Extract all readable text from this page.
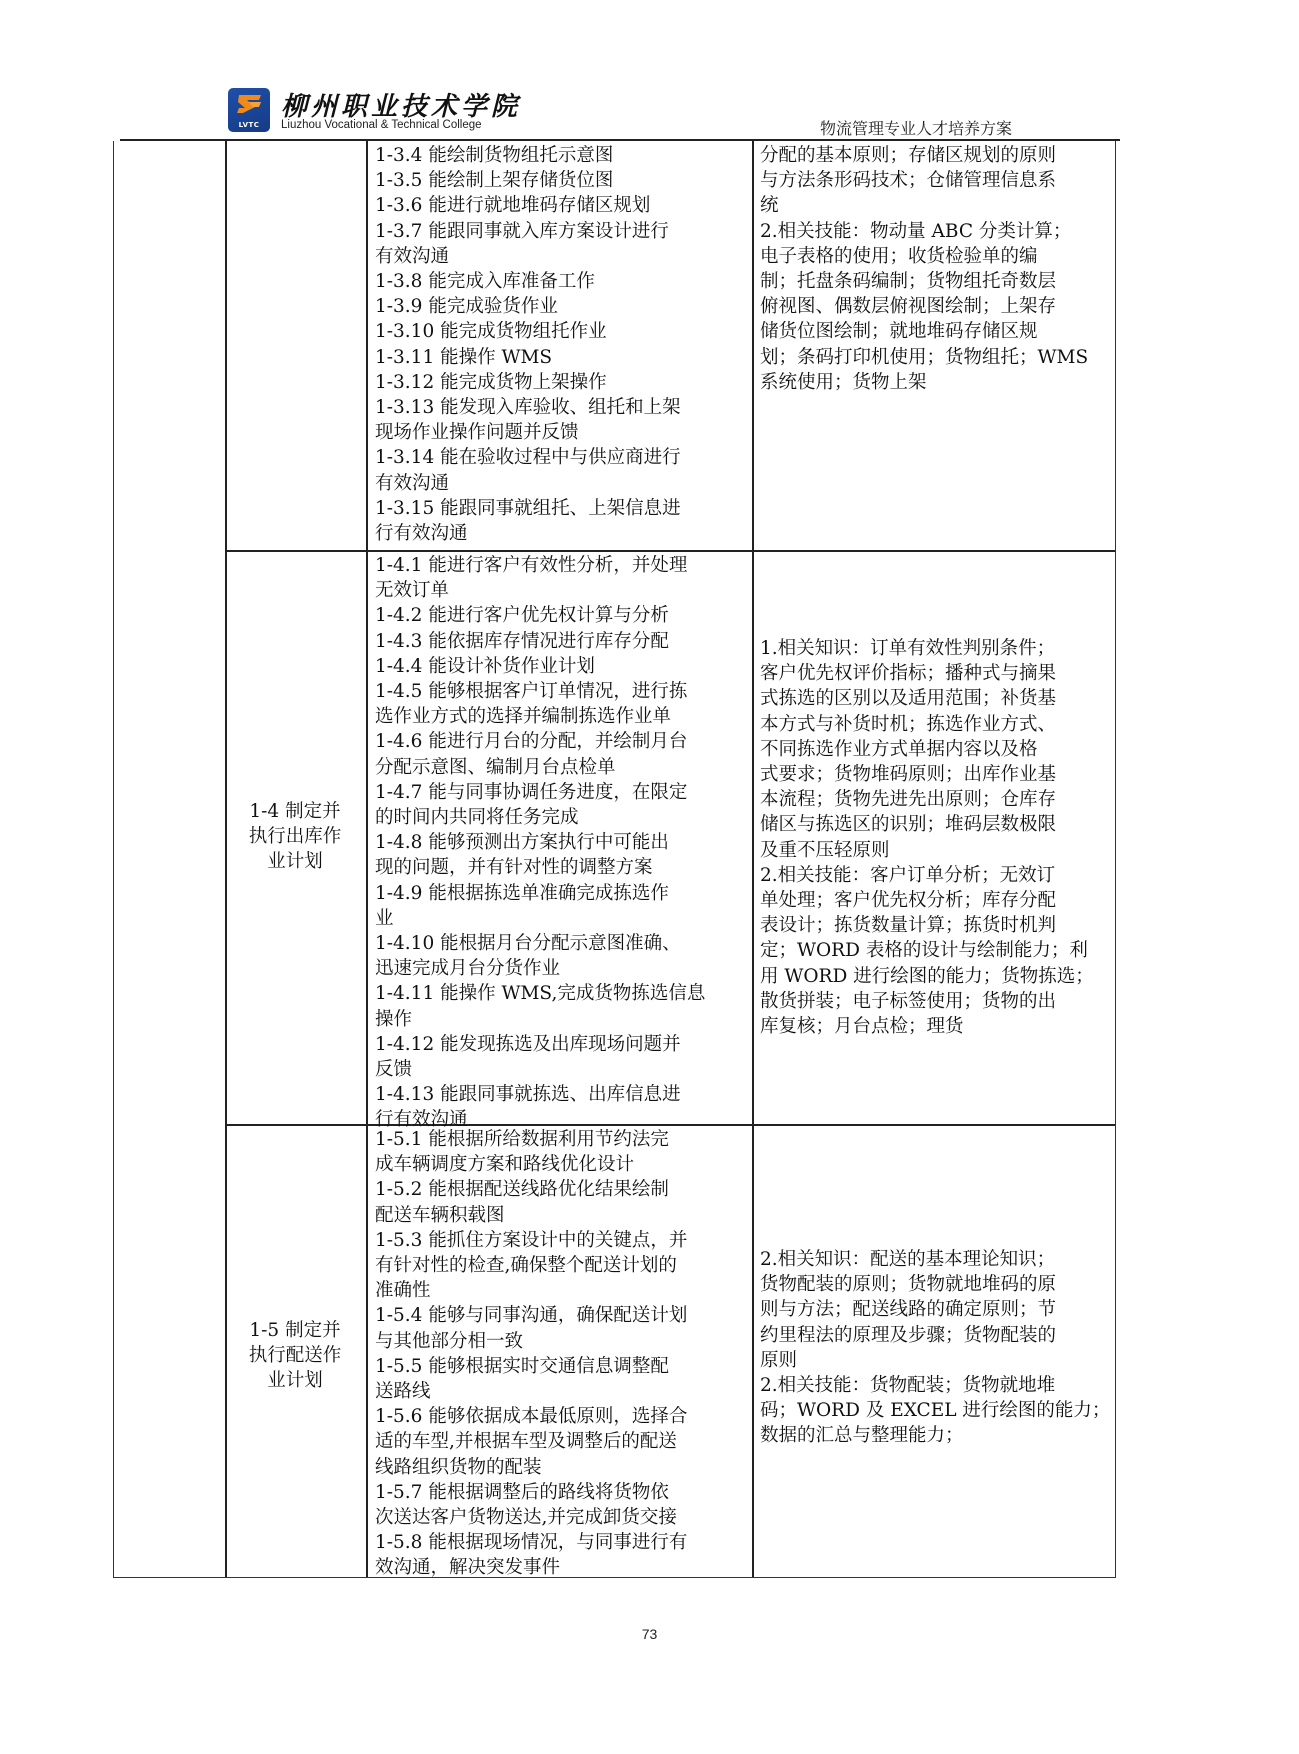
LVTC
柳州职业技术学院
Liuzhou Vocational & Technical College	物流管理专业人才培养方案
1-3.4 能绘制货物组托示意图
1-3.5 能绘制上架存储货位图
1-3.6 能进行就地堆码存储区规划
1-3.7 能跟同事就入库方案设计进行
有效沟通
1-3.8 能完成入库准备工作
1-3.9 能完成验货作业
1-3.10 能完成货物组托作业
1-3.11 能操作 WMS
1-3.12 能完成货物上架操作
1-3.13 能发现入库验收、组托和上架
现场作业操作问题并反馈
1-3.14 能在验收过程中与供应商进行
有效沟通
1-3.15 能跟同事就组托、上架信息进
行有效沟通
分配的基本原则；存储区规划的原则
与方法条形码技术；仓储管理信息系
统
2.相关技能：物动量 ABC 分类计算；
电子表格的使用；收货检验单的编
制；托盘条码编制；货物组托奇数层
俯视图、偶数层俯视图绘制；上架存
储货位图绘制；就地堆码存储区规
划；条码打印机使用；货物组托；WMS
系统使用；货物上架
1-4 制定并
执行出库作
业计划
1-4.1 能进行客户有效性分析，并处理
无效订单
1-4.2 能进行客户优先权计算与分析
1-4.3 能依据库存情况进行库存分配
1-4.4 能设计补货作业计划
1-4.5 能够根据客户订单情况，进行拣
选作业方式的选择并编制拣选作业单
1-4.6 能进行月台的分配，并绘制月台
分配示意图、编制月台点检单
1-4.7 能与同事协调任务进度，在限定
的时间内共同将任务完成
1-4.8 能够预测出方案执行中可能出
现的问题，并有针对性的调整方案
1-4.9 能根据拣选单准确完成拣选作
业
1-4.10 能根据月台分配示意图准确、
迅速完成月台分货作业
1-4.11 能操作 WMS,完成货物拣选信息
操作
1-4.12 能发现拣选及出库现场问题并
反馈
1-4.13 能跟同事就拣选、出库信息进
行有效沟通
1.相关知识：订单有效性判别条件；
客户优先权评价指标；播种式与摘果
式拣选的区别以及适用范围；补货基
本方式与补货时机；拣选作业方式、
不同拣选作业方式单据内容以及格
式要求；货物堆码原则；出库作业基
本流程；货物先进先出原则；仓库存
储区与拣选区的识别；堆码层数极限
及重不压轻原则
2.相关技能：客户订单分析；无效订
单处理；客户优先权分析；库存分配
表设计；拣货数量计算；拣货时机判
定；WORD 表格的设计与绘制能力；利
用 WORD 进行绘图的能力；货物拣选；
散货拼装；电子标签使用；货物的出
库复核；月台点检；理货
1-5 制定并
执行配送作
业计划
1-5.1 能根据所给数据利用节约法完
成车辆调度方案和路线优化设计
1-5.2 能根据配送线路优化结果绘制
配送车辆积载图
1-5.3 能抓住方案设计中的关键点，并
有针对性的检查,确保整个配送计划的
准确性
1-5.4 能够与同事沟通，确保配送计划
与其他部分相一致
1-5.5 能够根据实时交通信息调整配
送路线
1-5.6 能够依据成本最低原则，选择合
适的车型,并根据车型及调整后的配送
线路组织货物的配装
1-5.7 能根据调整后的路线将货物依
次送达客户货物送达,并完成卸货交接
1-5.8 能根据现场情况，与同事进行有
效沟通，解决突发事件
2.相关知识：配送的基本理论知识；
货物配装的原则；货物就地堆码的原
则与方法；配送线路的确定原则；节
约里程法的原理及步骤；货物配装的
原则
2.相关技能：货物配装；货物就地堆
码；WORD 及 EXCEL 进行绘图的能力；
数据的汇总与整理能力；
73
